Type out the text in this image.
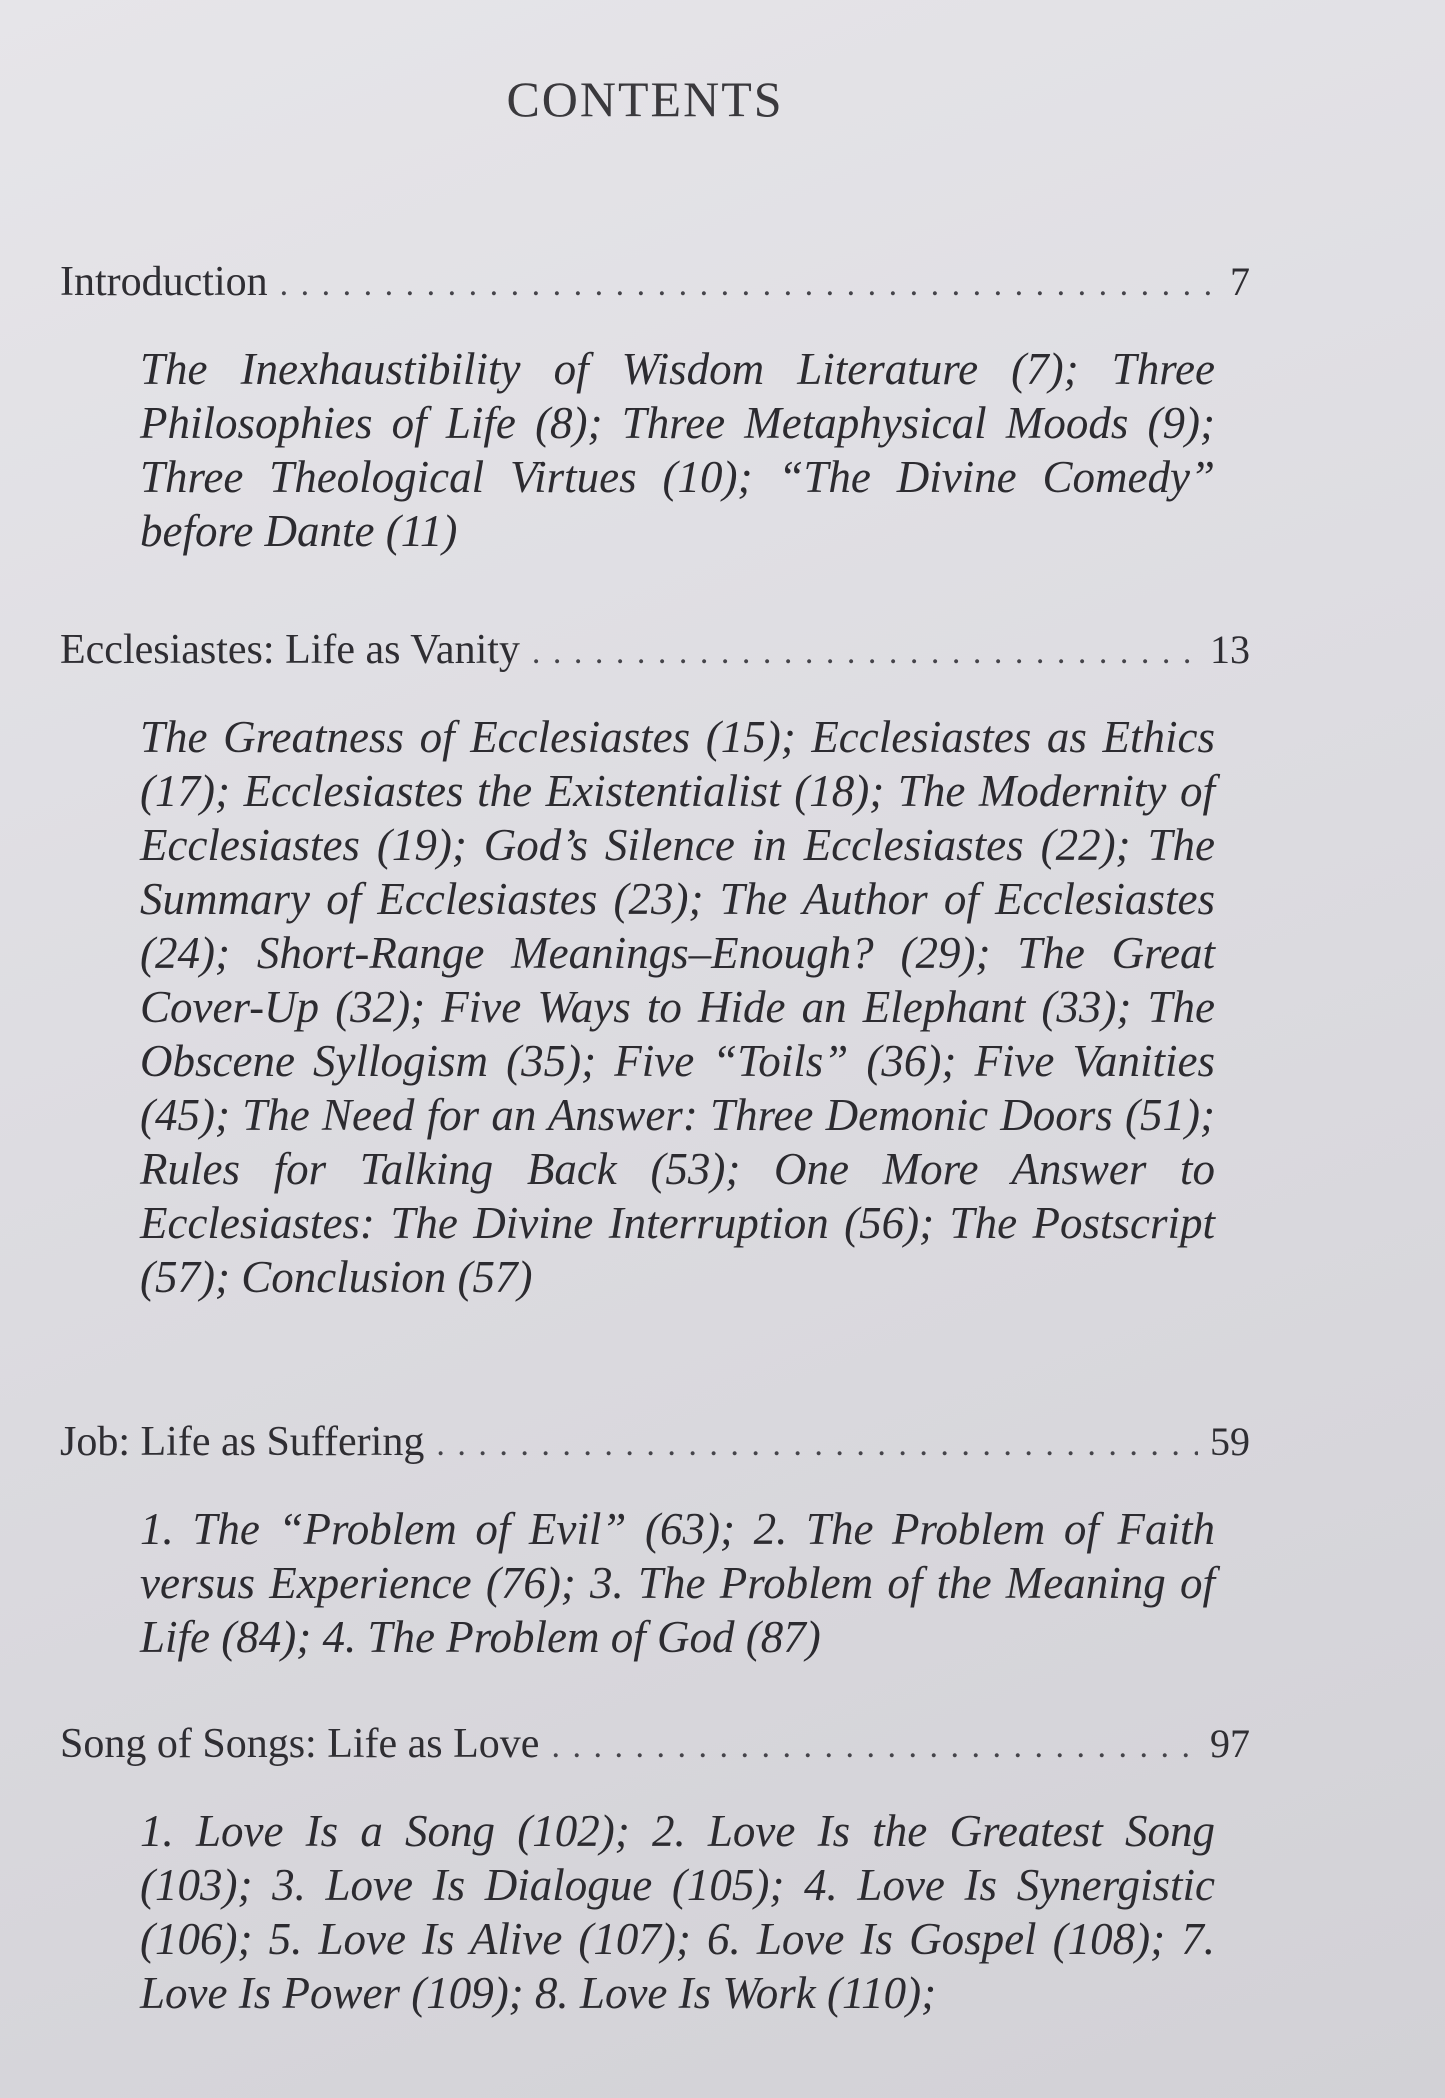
CONTENTS
Introduction . . .	7
The Inexhaustibility of Wisdom Literature (7); Three Philosophies of Life (8); Three Metaphysical Moods (9); Three Theological Virtues (10); “The Divine Comedy” before Dante (11)
Ecclesiastes: Life as Vanity . . .	13
The Greatness of Ecclesiastes (15); Ecclesiastes as Ethics (17); Ecclesiastes the Existentialist (18); The Modernity of Ecclesiastes (19); God’s Silence in Ecclesiastes (22); The Summary of Ecclesiastes (23); The Author of Ecclesiastes (24); Short-Range Meanings–Enough? (29); The Great Cover-Up (32); Five Ways to Hide an Elephant (33); The Obscene Syllogism (35); Five “Toils” (36); Five Vanities (45); The Need for an Answer: Three Demonic Doors (51); Rules for Talking Back (53); One More Answer to Ecclesiastes: The Divine Interruption (56); The Postscript (57); Conclusion (57)
Job: Life as Suffering . . .	59
1. The “Problem of Evil” (63); 2. The Problem of Faith versus Experience (76); 3. The Problem of the Meaning of Life (84); 4. The Problem of God (87)
Song of Songs: Life as Love . . .	97
1. Love Is a Song (102); 2. Love Is the Greatest Song (103); 3. Love Is Dialogue (105); 4. Love Is Synergistic (106); 5. Love Is Alive (107); 6. Love Is Gospel (108); 7. Love Is Power (109); 8. Love Is Work (110);
